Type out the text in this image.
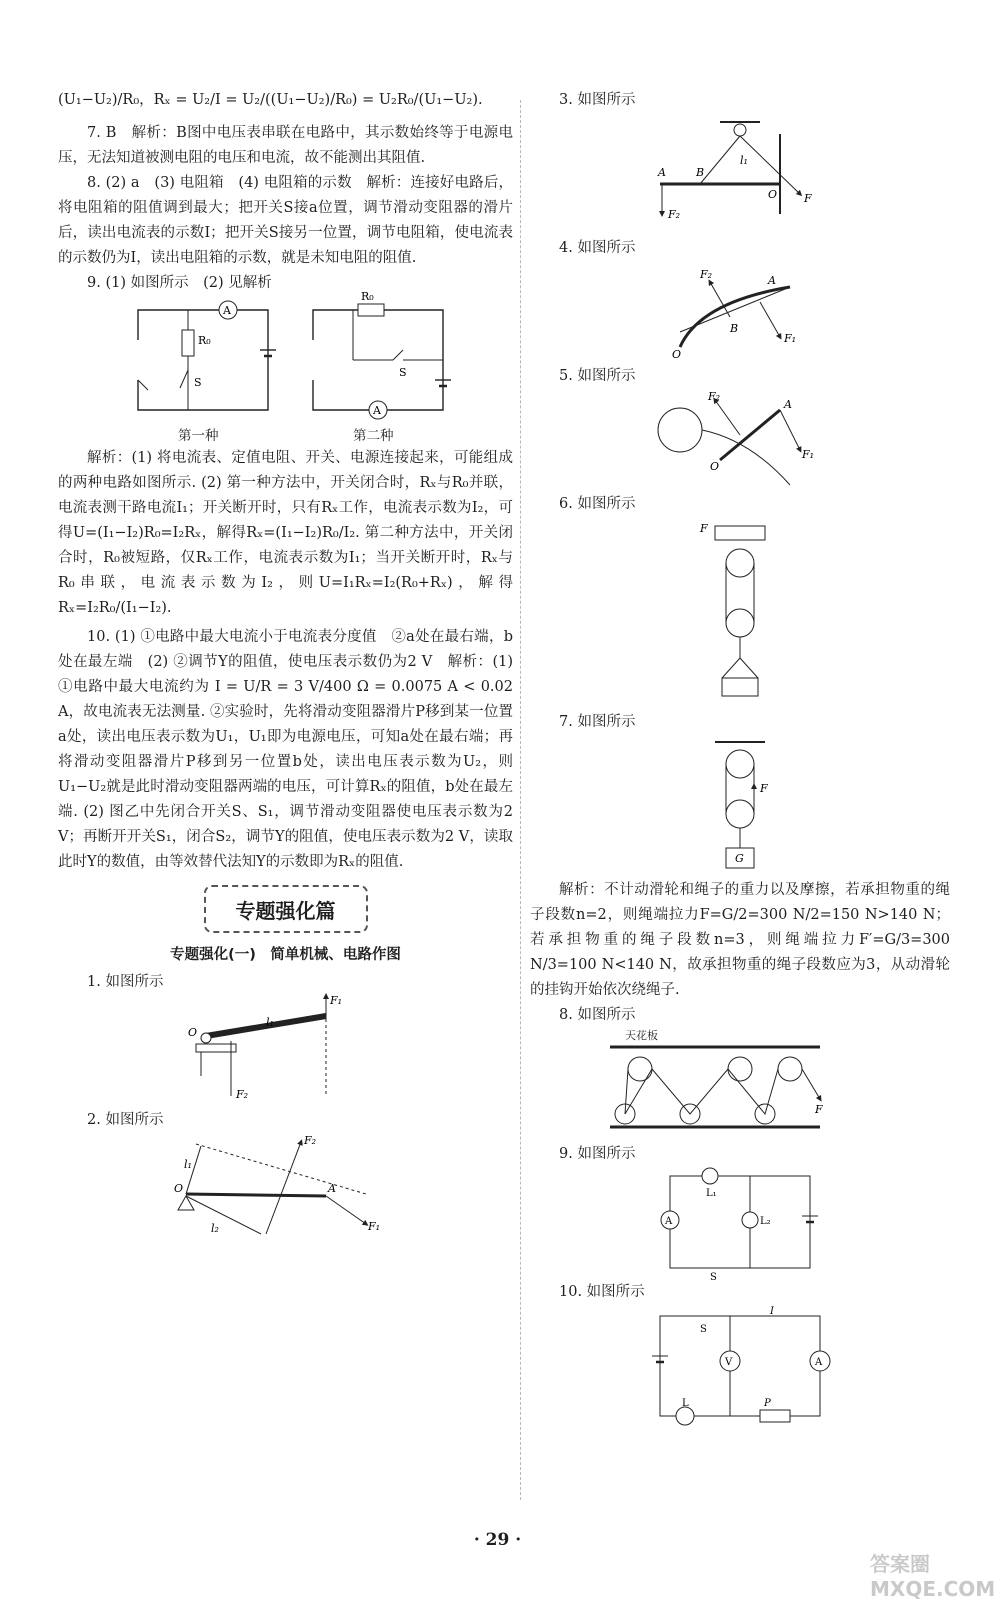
(U₁−U₂)/R₀，Rₓ = U₂/I = U₂/((U₁−U₂)/R₀) = U₂R₀/(U₁−U₂).

7. B　解析：B图中电压表串联在电路中，其示数始终等于电源电压，无法知道被测电阻的电压和电流，故不能测出其阻值.

8. (2) a　(3) 电阻箱　(4) 电阻箱的示数　解析：连接好电路后，将电阻箱的阻值调到最大；把开关S接a位置，调节滑动变阻器的滑片后，读出电流表的示数I；把开关S接另一位置，调节电阻箱，使电流表的示数仍为I，读出电阻箱的示数，就是未知电阻的阻值.

9. (1) 如图所示　(2) 见解析

A
R₀
S
R₀
S
A
第一种	第二种

解析：(1) 将电流表、定值电阻、开关、电源连接起来，可能组成的两种电路如图所示. (2) 第一种方法中，开关闭合时，Rₓ与R₀并联，电流表测干路电流I₁；开关断开时，只有Rₓ工作，电流表示数为I₂，可得U=(I₁−I₂)R₀=I₂Rₓ，解得Rₓ=(I₁−I₂)R₀/I₂. 第二种方法中，开关闭合时，R₀被短路，仅Rₓ工作，电流表示数为I₁；当开关断开时，Rₓ与R₀串联，电流表示数为I₂，则U=I₁Rₓ=I₂(R₀+Rₓ)，解得Rₓ=I₂R₀/(I₁−I₂).

10. (1) ①电路中最大电流小于电流表分度值　②a处在最右端，b处在最左端　(2) ②调节Y的阻值，使电压表示数仍为2 V　解析：(1) ①电路中最大电流约为 I = U/R = 3 V/400 Ω = 0.0075 A < 0.02 A，故电流表无法测量. ②实验时，先将滑动变阻器滑片P移到某一位置a处，读出电压表示数为U₁，U₁即为电源电压，可知a处在最右端；再将滑动变阻器滑片P移到另一位置b处，读出电压表示数为U₂，则U₁−U₂就是此时滑动变阻器两端的电压，可计算Rₓ的阻值，b处在最左端. (2) 图乙中先闭合开关S、S₁，调节滑动变阻器使电压表示数为2 V；再断开开关S₁，闭合S₂，调节Y的阻值，使电压表示数为2 V，读取此时Y的数值，由等效替代法知Y的示数即为Rₓ的阻值.

专题强化篇
专题强化(一)　简单机械、电路作图

1. 如图所示

O
F₁
F₂
l₁

2. 如图所示

O	A
F₁
F₂
l₁
l₂

3. 如图所示

F
A	B
O
l₁
F₂

4. 如图所示

F₂
F₁
A
B
O

5. 如图所示

F₁
F₂
A
O

6. 如图所示

F

7. 如图所示

F
G

解析：不计动滑轮和绳子的重力以及摩擦，若承担物重的绳子段数n=2，则绳端拉力F=G/2=300 N/2=150 N>140 N；若承担物重的绳子段数n=3，则绳端拉力F′=G/3=300 N/3=100 N<140 N，故承担物重的绳子段数应为3，从动滑轮的挂钩开始依次绕绳子.

8. 如图所示

天花板
F

9. 如图所示

L₁
L₂
A
S

10. 如图所示

V	A
L	P
S
I
· 29 ·
答案圈 MXQE.COM
